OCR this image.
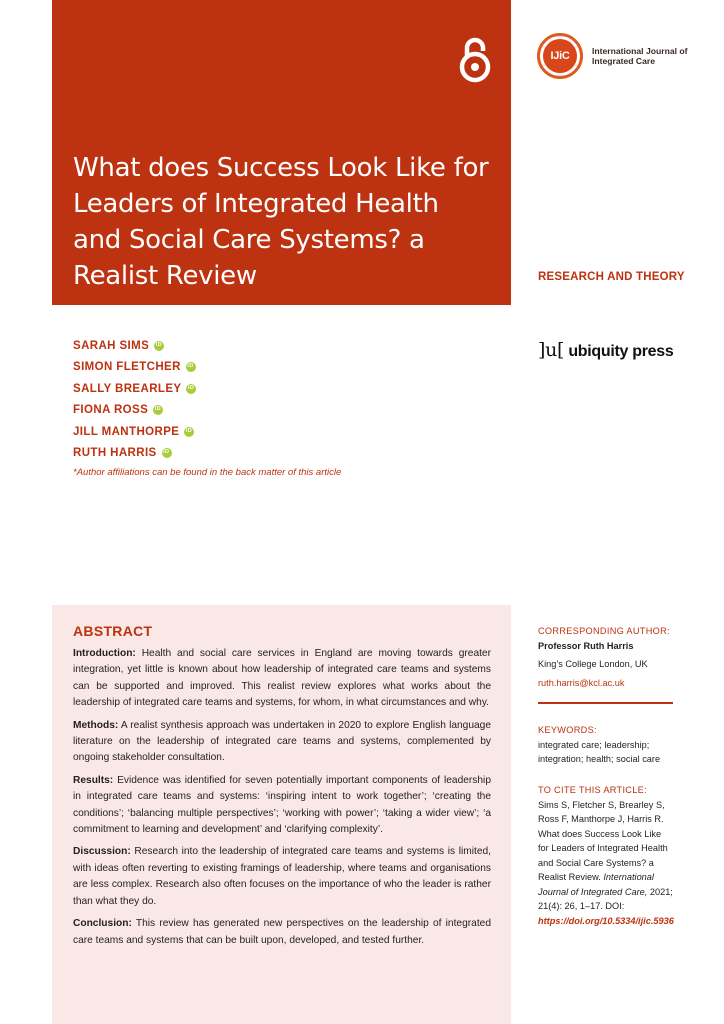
What does Success Look Like for Leaders of Integrated Health and Social Care Systems? a Realist Review
IJiC	International Journal of Integrated Care
RESEARCH AND THEORY
]u[ ubiquity press
SARAH SIMS
iD
SIMON FLETCHER
iD
SALLY BREARLEY
iD
FIONA ROSS
iD
JILL MANTHORPE
iD
RUTH HARRIS
iD
*Author affiliations can be found in the back matter of this article
ABSTRACT

Introduction: Health and social care services in England are moving towards greater integration, yet little is known about how leadership of integrated care teams and systems can be supported and improved. This realist review explores what works about the leadership of integrated care teams and systems, for whom, in what circumstances and why.

Methods: A realist synthesis approach was undertaken in 2020 to explore English language literature on the leadership of integrated care teams and systems, complemented by ongoing stakeholder consultation.

Results: Evidence was identified for seven potentially important components of leadership in integrated care teams and systems: ‘inspiring intent to work together’; ‘creating the conditions’; ‘balancing multiple perspectives’; ‘working with power’; ‘taking a wider view’; ‘a commitment to learning and development’ and ‘clarifying complexity’.

Discussion: Research into the leadership of integrated care teams and systems is limited, with ideas often reverting to existing framings of leadership, where teams and organisations are less complex. Research also often focuses on the importance of who the leader is rather than what they do.

Conclusion: This review has generated new perspectives on the leadership of integrated care teams and systems that can be built upon, developed, and tested further.

CORRESPONDING AUTHOR:
Professor Ruth Harris
King’s College London, UK
ruth.harris@kcl.ac.uk
KEYWORDS:
integrated care; leadership; integration; health; social care
TO CITE THIS ARTICLE:
Sims S, Fletcher S, Brearley S, Ross F, Manthorpe J, Harris R. What does Success Look Like for Leaders of Integrated Health and Social Care Systems? a Realist Review. International Journal of Integrated Care, 2021; 21(4): 26, 1–17. DOI: https://doi.org/10.5334/ijic.5936
